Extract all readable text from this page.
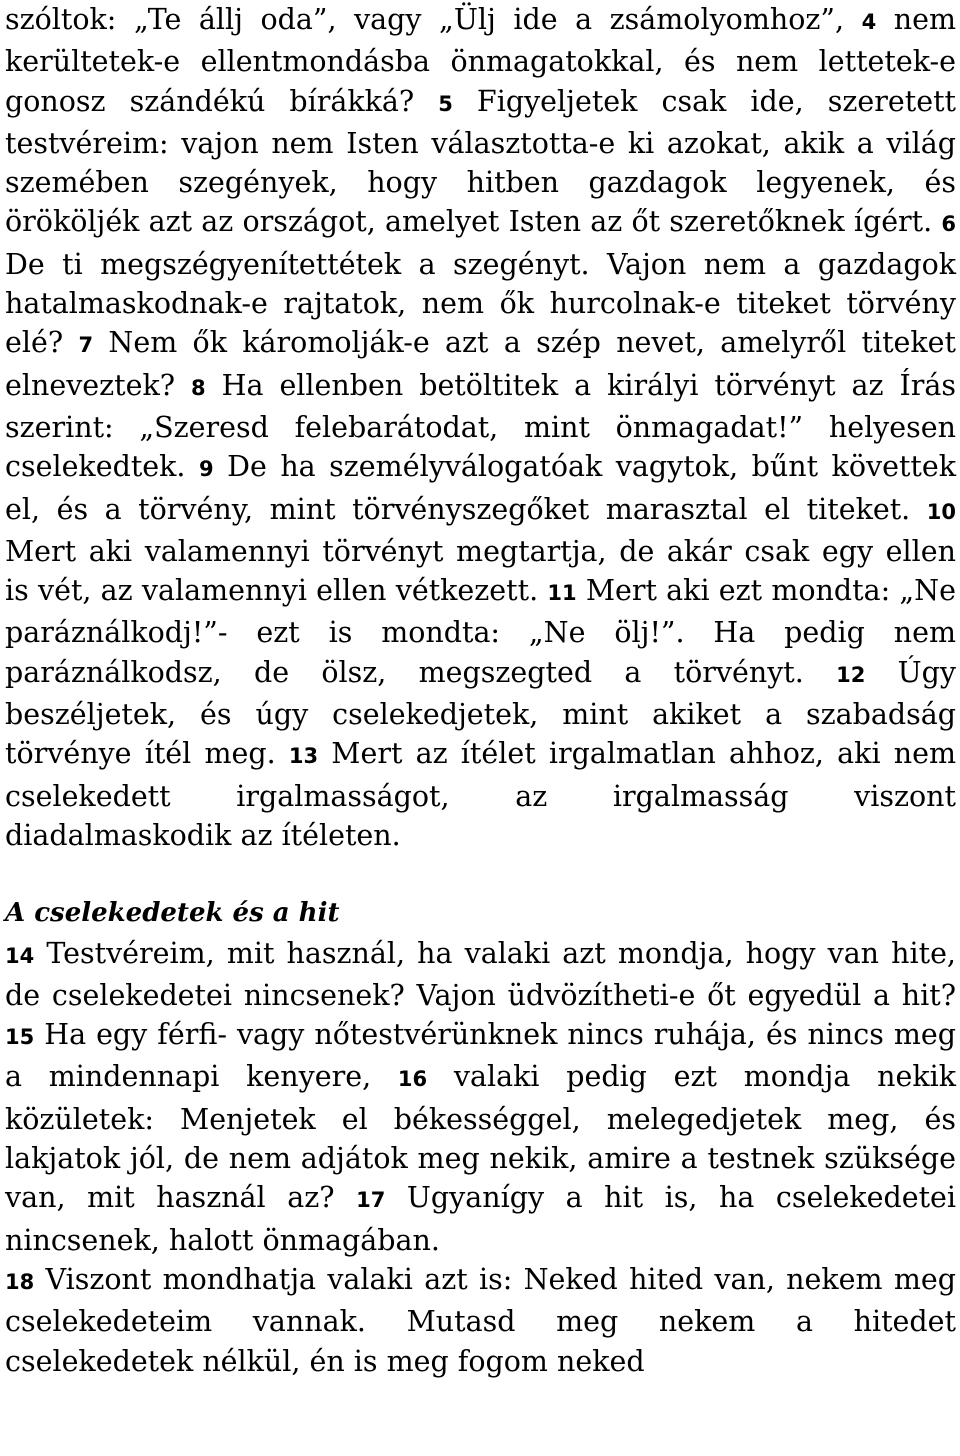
szóltok: „Te állj oda”, vagy „Ülj ide a zsámolyomhoz”, 4 nem kerültetek-e ellentmondásba önmagatokkal, és nem lettetek-e gonosz szándékú bírákká? 5 Figyeljetek csak ide, szeretett testvéreim: vajon nem Isten választotta-e ki azokat, akik a világ szemében szegények, hogy hitben gazdagok legyenek, és örököljék azt az országot, amelyet Isten az őt szeretőknek ígért. 6 De ti megszégyenítettétek a szegényt. Vajon nem a gazdagok hatalmaskodnak-e rajtatok, nem ők hurcolnak-e titeket törvény elé? 7 Nem ők káromolják-e azt a szép nevet, amelyről titeket elneveztek? 8 Ha ellenben betöltitek a királyi törvényt az Írás szerint: „Szeresd felebarátodat, mint önmagadat!” helyesen cselekedtek. 9 De ha személyválogatóak vagytok, bűnt követtek el, és a törvény, mint törvényszegőket marasztal el titeket. 10 Mert aki valamennyi törvényt megtartja, de akár csak egy ellen is vét, az valamennyi ellen vétkezett. 11 Mert aki ezt mondta: „Ne paráználkodj!”- ezt is mondta: „Ne ölj!”. Ha pedig nem paráználkodsz, de ölsz, megszegted a törvényt. 12 Úgy beszéljetek, és úgy cselekedjetek, mint akiket a szabadság törvénye ítél meg. 13 Mert az ítélet irgalmatlan ahhoz, aki nem cselekedett irgalmasságot, az irgalmasság viszont diadalmaskodik az ítéleten.

A cselekedetek és a hit

14 Testvéreim, mit használ, ha valaki azt mondja, hogy van hite, de cselekedetei nincsenek? Vajon üdvözítheti-e őt egyedül a hit? 15 Ha egy férfi- vagy nőtestvérünknek nincs ruhája, és nincs meg a mindennapi kenyere, 16 valaki pedig ezt mondja nekik közületek: Menjetek el békességgel, melegedjetek meg, és lakjatok jól, de nem adjátok meg nekik, amire a testnek szüksége van, mit használ az? 17 Ugyanígy a hit is, ha cselekedetei nincsenek, halott önmagában.

18 Viszont mondhatja valaki azt is: Neked hited van, nekem meg cselekedeteim vannak. Mutasd meg nekem a hitedet cselekedetek nélkül, én is meg fogom neked
